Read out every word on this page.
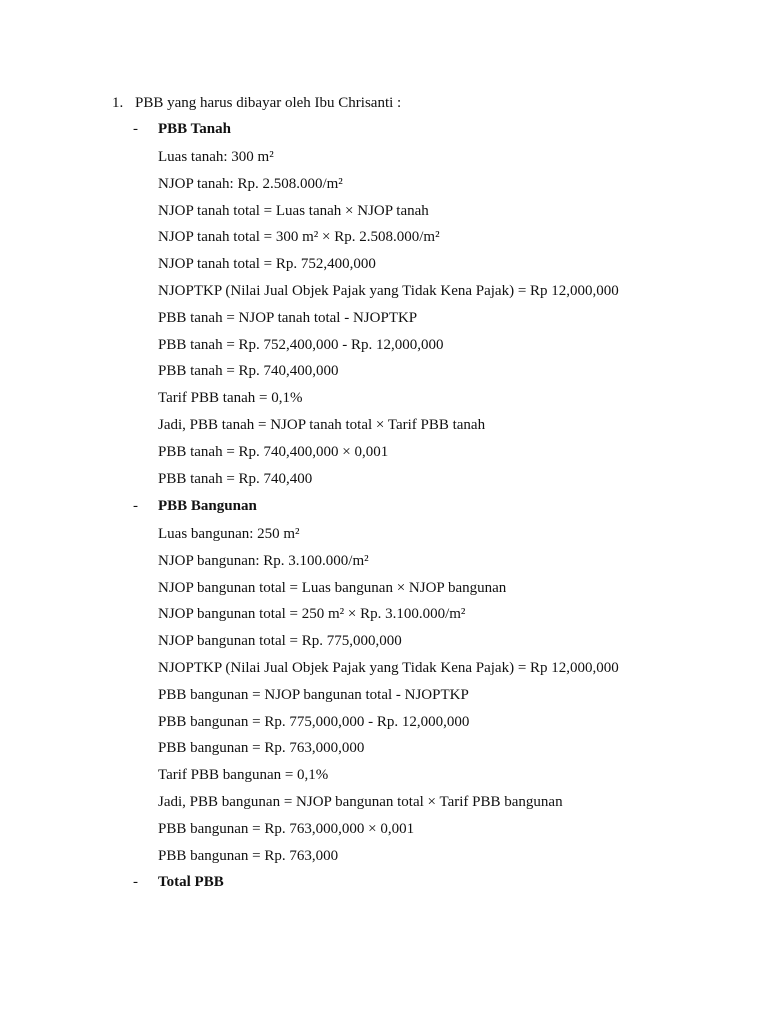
1. PBB yang harus dibayar oleh Ibu Chrisanti :
- PBB Tanah
Luas tanah: 300 m²
NJOP tanah: Rp. 2.508.000/m²
NJOP tanah total = Luas tanah × NJOP tanah
NJOP tanah total = 300 m² × Rp. 2.508.000/m²
NJOP tanah total = Rp. 752,400,000
NJOPTKP (Nilai Jual Objek Pajak yang Tidak Kena Pajak) = Rp 12,000,000
PBB tanah = NJOP tanah total - NJOPTKP
PBB tanah = Rp. 752,400,000 - Rp. 12,000,000
PBB tanah = Rp. 740,400,000
Tarif PBB tanah = 0,1%
Jadi, PBB tanah = NJOP tanah total × Tarif PBB tanah
PBB tanah = Rp. 740,400,000 × 0,001
PBB tanah = Rp. 740,400
- PBB Bangunan
Luas bangunan: 250 m²
NJOP bangunan: Rp. 3.100.000/m²
NJOP bangunan total = Luas bangunan × NJOP bangunan
NJOP bangunan total = 250 m² × Rp. 3.100.000/m²
NJOP bangunan total = Rp. 775,000,000
NJOPTKP (Nilai Jual Objek Pajak yang Tidak Kena Pajak) = Rp 12,000,000
PBB bangunan = NJOP bangunan total - NJOPTKP
PBB bangunan = Rp. 775,000,000 - Rp. 12,000,000
PBB bangunan = Rp. 763,000,000
Tarif PBB bangunan = 0,1%
Jadi, PBB bangunan = NJOP bangunan total × Tarif PBB bangunan
PBB bangunan = Rp. 763,000,000 × 0,001
PBB bangunan = Rp. 763,000
- Total PBB
